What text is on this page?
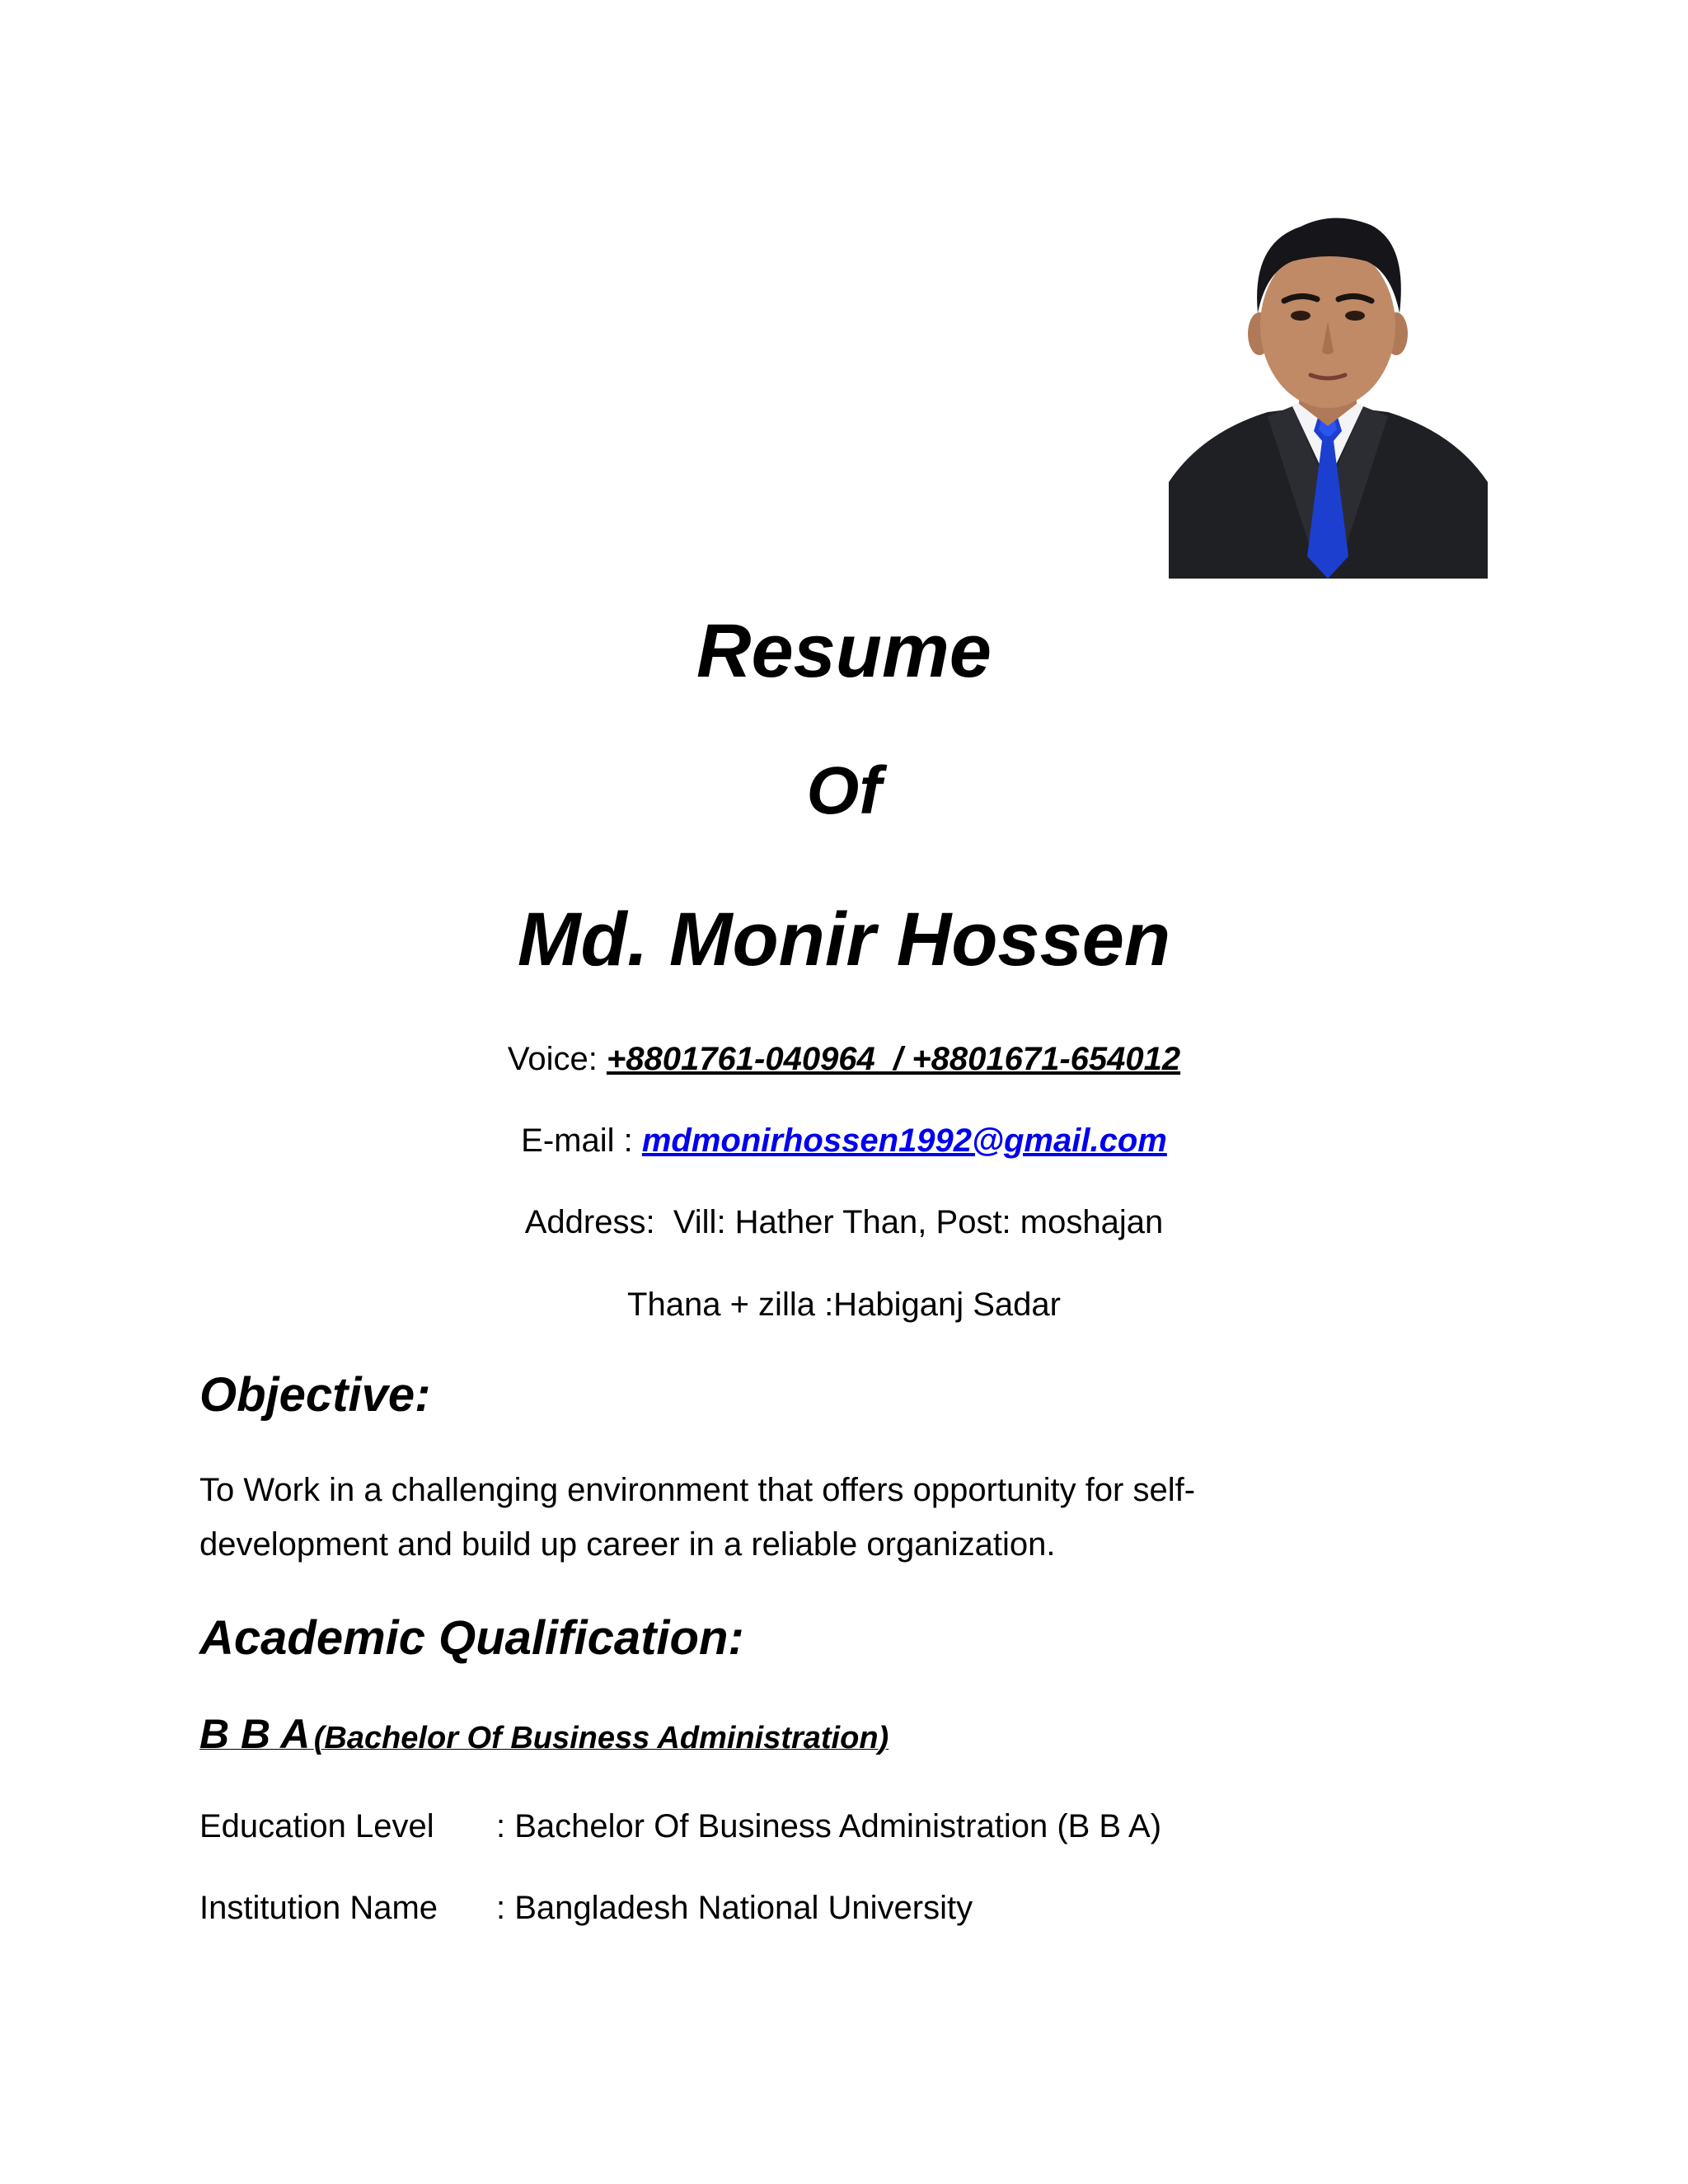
Resume
Of
Md. Monir Hossen
Voice: +8801761-040964  / +8801671-654012
E-mail : mdmonirhossen1992@gmail.com
Address:  Vill: Hather Than, Post: moshajan
Thana + zilla :Habiganj Sadar
Objective:
To Work in a challenging environment that offers opportunity for self-
development and build up career in a reliable organization.
Academic Qualification:
B B A (Bachelor Of Business Administration)
Education Level : Bachelor Of Business Administration (B B A)
Institution Name : Bangladesh National University
